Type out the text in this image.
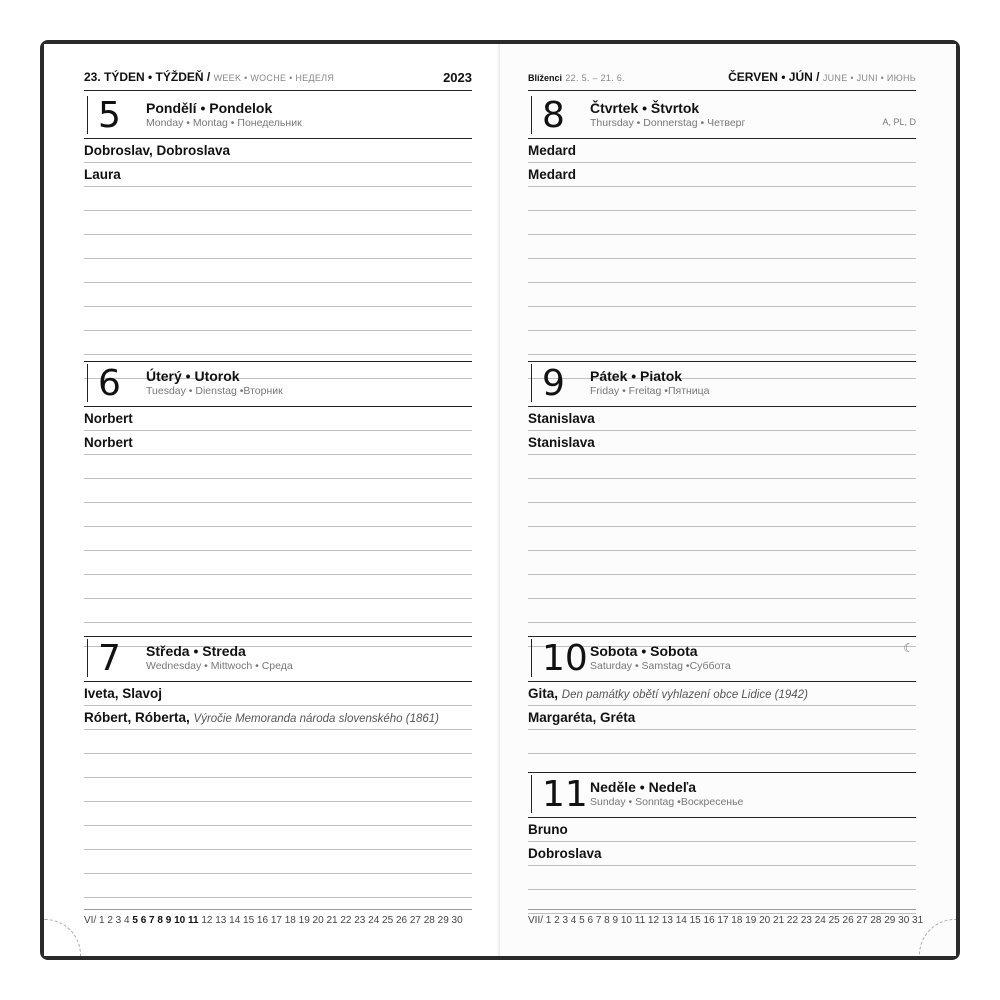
23. TÝDEN • TÝŽDEŇ / WEEK • WOCHE • НЕДЕЛЯ	2023
5 Pondělí • Pondelok
Monday • Montag • Понедельник
Dobroslav, Dobroslava
Laura
6 Úterý • Utorok
Tuesday • Dienstag •Вторник
Norbert
Norbert
7 Středa • Streda
Wednesday • Mittwoch • Среда
Iveta, Slavoj
Róbert, Róberta, Výročie Memoranda národa slovenského (1861)
VI/ 1 2 3 4 5 6 7 8 9 10 11 12 13 14 15 16 17 18 19 20 21 22 23 24 25 26 27 28 29 30
Blíženci 22. 5. – 21. 6.	ČERVEN • JÚN / JUNE • JUNI • ИЮНЬ
8 Čtvrtek • Štvrtok
Thursday • Donnerstag • Четверг	A, PL, D
Medard
Medard
9 Pátek • Piatok
Friday • Freitag •Пятница
Stanislava
Stanislava
10 Sobota • Sobota
Saturday • Samstag •Суббота
☾
Gita, Den památky obětí vyhlazení obce Lidice (1942)
Margaréta, Gréta
11 Neděle • Nedeľa
Sunday • Sonntag •Воскресенье
Bruno
Dobroslava
VII/ 1 2 3 4 5 6 7 8 9 10 11 12 13 14 15 16 17 18 19 20 21 22 23 24 25 26 27 28 29 30 31
